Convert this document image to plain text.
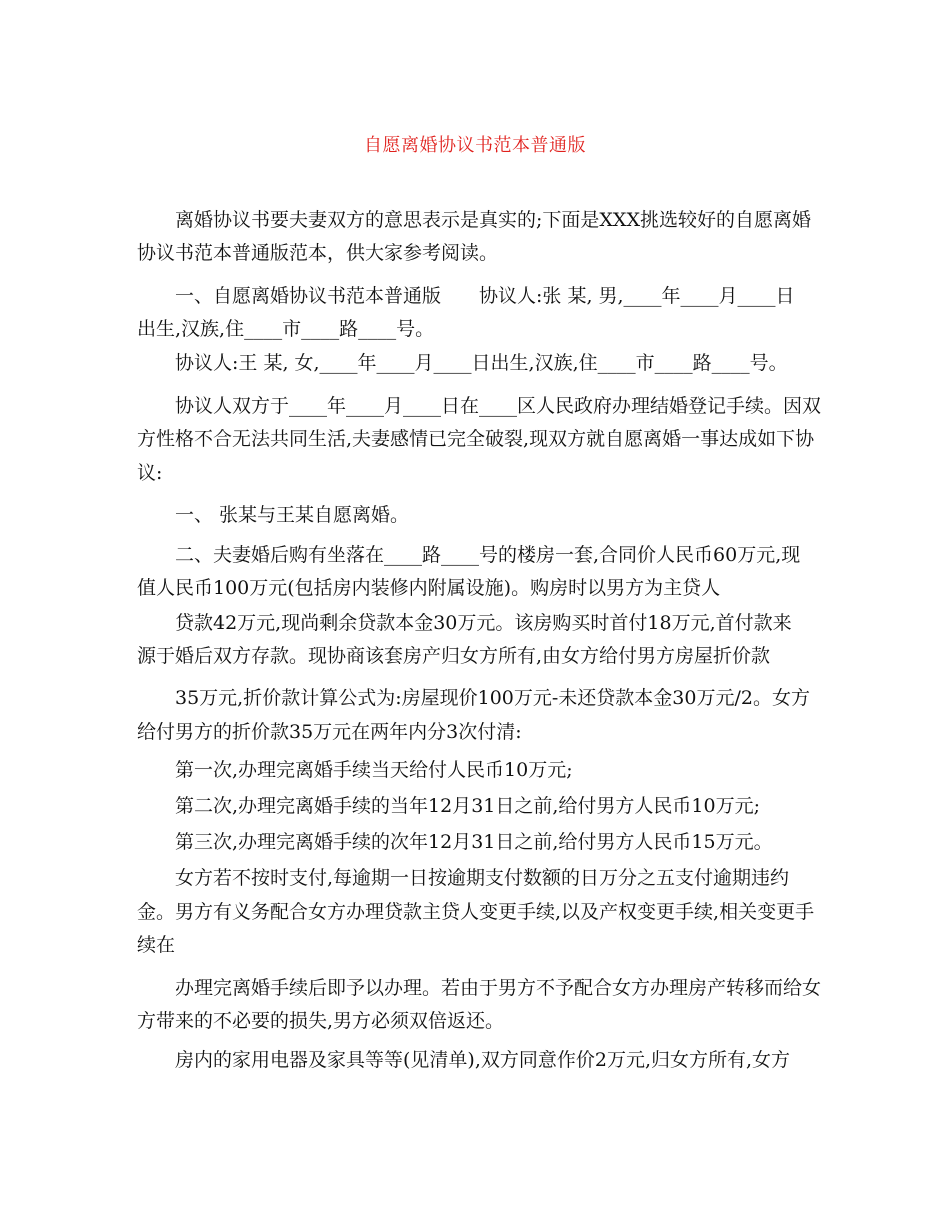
自愿离婚协议书范本普通版
离婚协议书要夫妻双方的意思表示是真实的;下面是XXX挑选较好的自愿离婚
协议书范本普通版范本，供大家参考阅读。
一、自愿离婚协议书范本普通版　　协议人:张 某, 男,____年____月____日
出生,汉族,住____市____路____号。
协议人:王 某, 女,____年____月____日出生,汉族,住____市____路____号。
协议人双方于____年____月____日在____区人民政府办理结婚登记手续。因双
方性格不合无法共同生活,夫妻感情已完全破裂,现双方就自愿离婚一事达成如下协
议:
一、 张某与王某自愿离婚。
二、夫妻婚后购有坐落在____路____号的楼房一套,合同价人民币60万元,现
值人民币100万元(包括房内装修内附属设施)。购房时以男方为主贷人
贷款42万元,现尚剩余贷款本金30万元。该房购买时首付18万元,首付款来
源于婚后双方存款。现协商该套房产归女方所有,由女方给付男方房屋折价款
35万元,折价款计算公式为:房屋现价100万元-未还贷款本金30万元/2。女方
给付男方的折价款35万元在两年内分3次付清:
第一次,办理完离婚手续当天给付人民币10万元;
第二次,办理完离婚手续的当年12月31日之前,给付男方人民币10万元;
第三次,办理完离婚手续的次年12月31日之前,给付男方人民币15万元。
女方若不按时支付,每逾期一日按逾期支付数额的日万分之五支付逾期违约
金。男方有义务配合女方办理贷款主贷人变更手续,以及产权变更手续,相关变更手
续在
办理完离婚手续后即予以办理。若由于男方不予配合女方办理房产转移而给女
方带来的不必要的损失,男方必须双倍返还。
房内的家用电器及家具等等(见清单),双方同意作价2万元,归女方所有,女方
